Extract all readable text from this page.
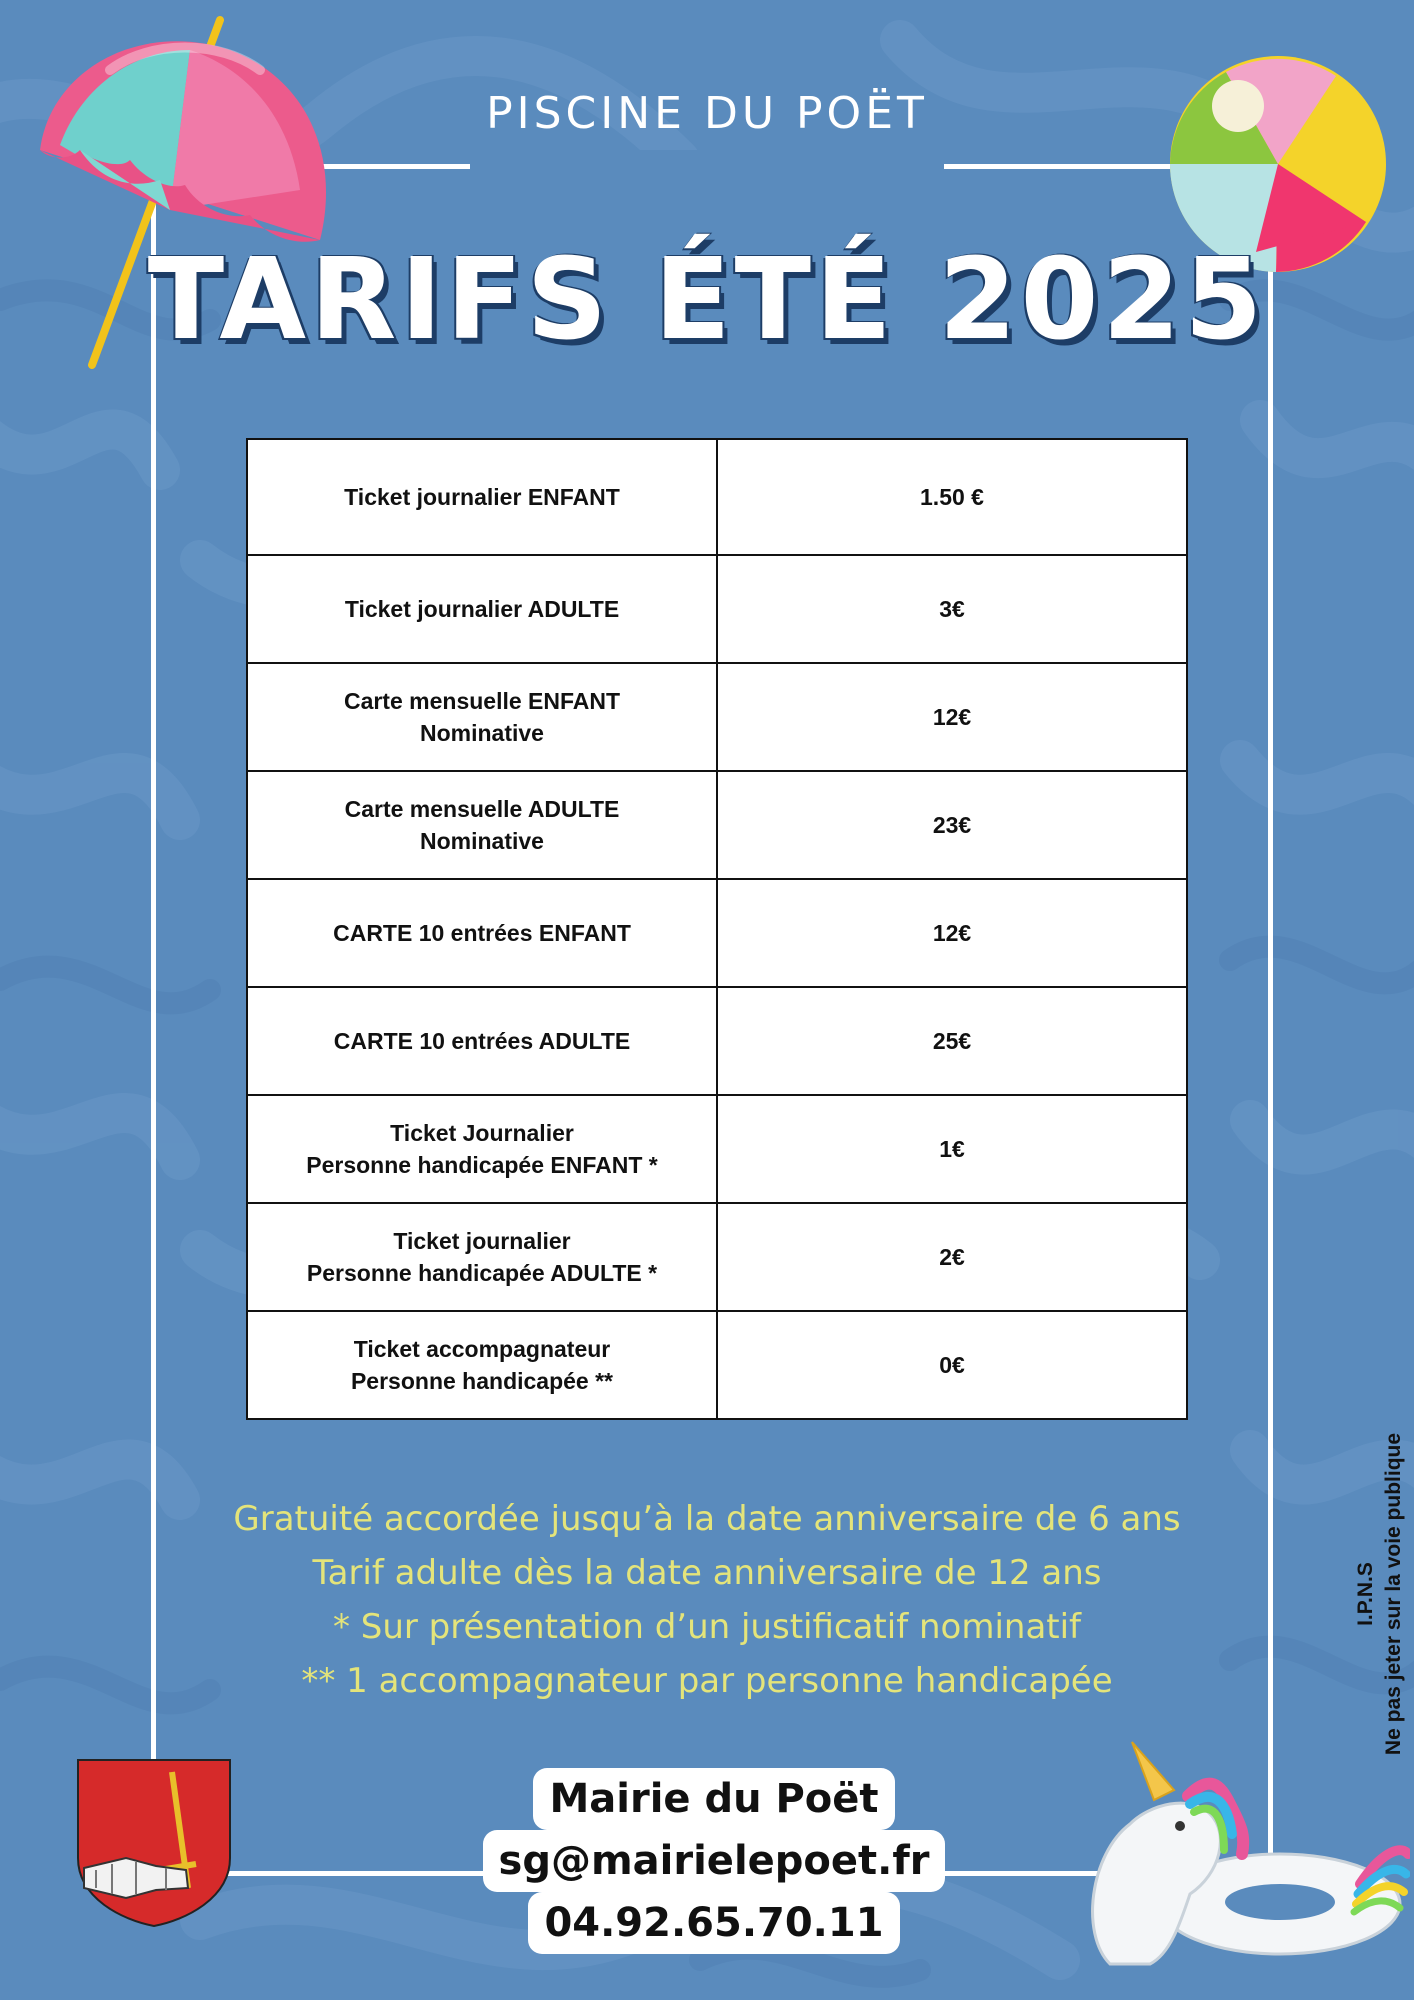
PISCINE DU POËT
TARIFS ÉTÉ 2025
Ticket journalier ENFANT	1.50 €

Ticket journalier ADULTE	3€

Carte mensuelle ENFANT
Nominative	12€

Carte mensuelle ADULTE
Nominative	23€

CARTE 10 entrées ENFANT	12€

CARTE 10 entrées ADULTE	25€

Ticket Journalier
Personne handicapée ENFANT *	1€

Ticket journalier
Personne handicapée ADULTE *	2€

Ticket accompagnateur
Personne handicapée **	0€
Gratuité accordée jusqu’à la date anniversaire de 6 ans
Tarif adulte dès la date anniversaire de 12 ans
* Sur présentation d’un justificatif nominatif
** 1 accompagnateur par personne handicapée
Mairie du Poët
sg@mairielepoet.fr
04.92.65.70.11
I.P.N.S Ne pas jeter sur la voie publique
